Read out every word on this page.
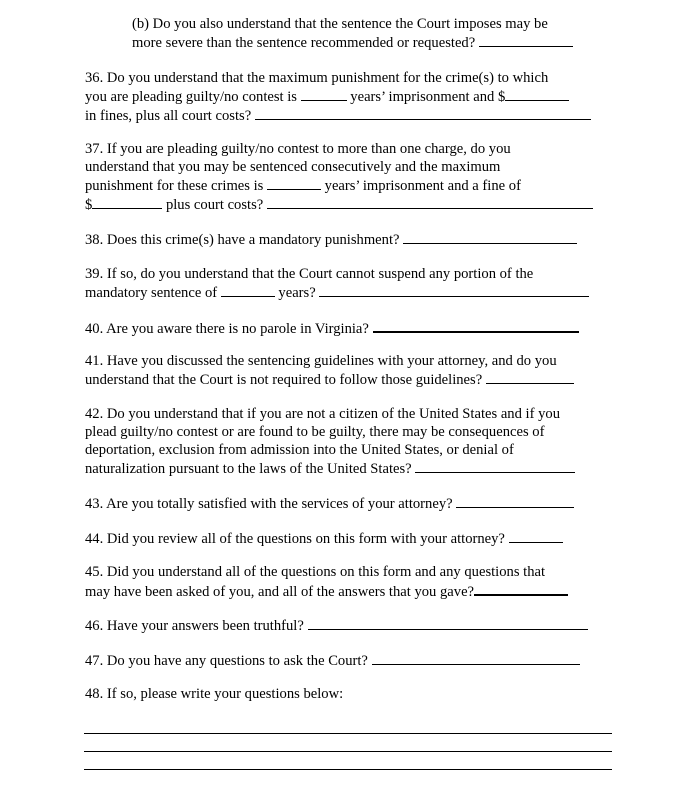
(b) Do you also understand that the sentence the Court imposes may be
more severe than the sentence recommended or requested?
36. Do you understand that the maximum punishment for the crime(s) to which
you are pleading guilty/no contest is	years’ imprisonment and $
in fines, plus all court costs?
37. If you are pleading guilty/no contest to more than one charge, do you
understand that you may be sentenced consecutively and the maximum
punishment for these crimes is	years’ imprisonment and a fine of
$	plus court costs?
38. Does this crime(s) have a mandatory punishment?
39. If so, do you understand that the Court cannot suspend any portion of the
mandatory sentence of	years?
40. Are you aware there is no parole in Virginia?
41. Have you discussed the sentencing guidelines with your attorney, and do you
understand that the Court is not required to follow those guidelines?
42. Do you understand that if you are not a citizen of the United States and if you
plead guilty/no contest or are found to be guilty, there may be consequences of
deportation, exclusion from admission into the United States, or denial of
naturalization pursuant to the laws of the United States?
43. Are you totally satisfied with the services of your attorney?
44. Did you review all of the questions on this form with your attorney?
45. Did you understand all of the questions on this form and any questions that
may have been asked of you, and all of the answers that you gave?
46. Have your answers been truthful?
47. Do you have any questions to ask the Court?
48. If so, please write your questions below:
